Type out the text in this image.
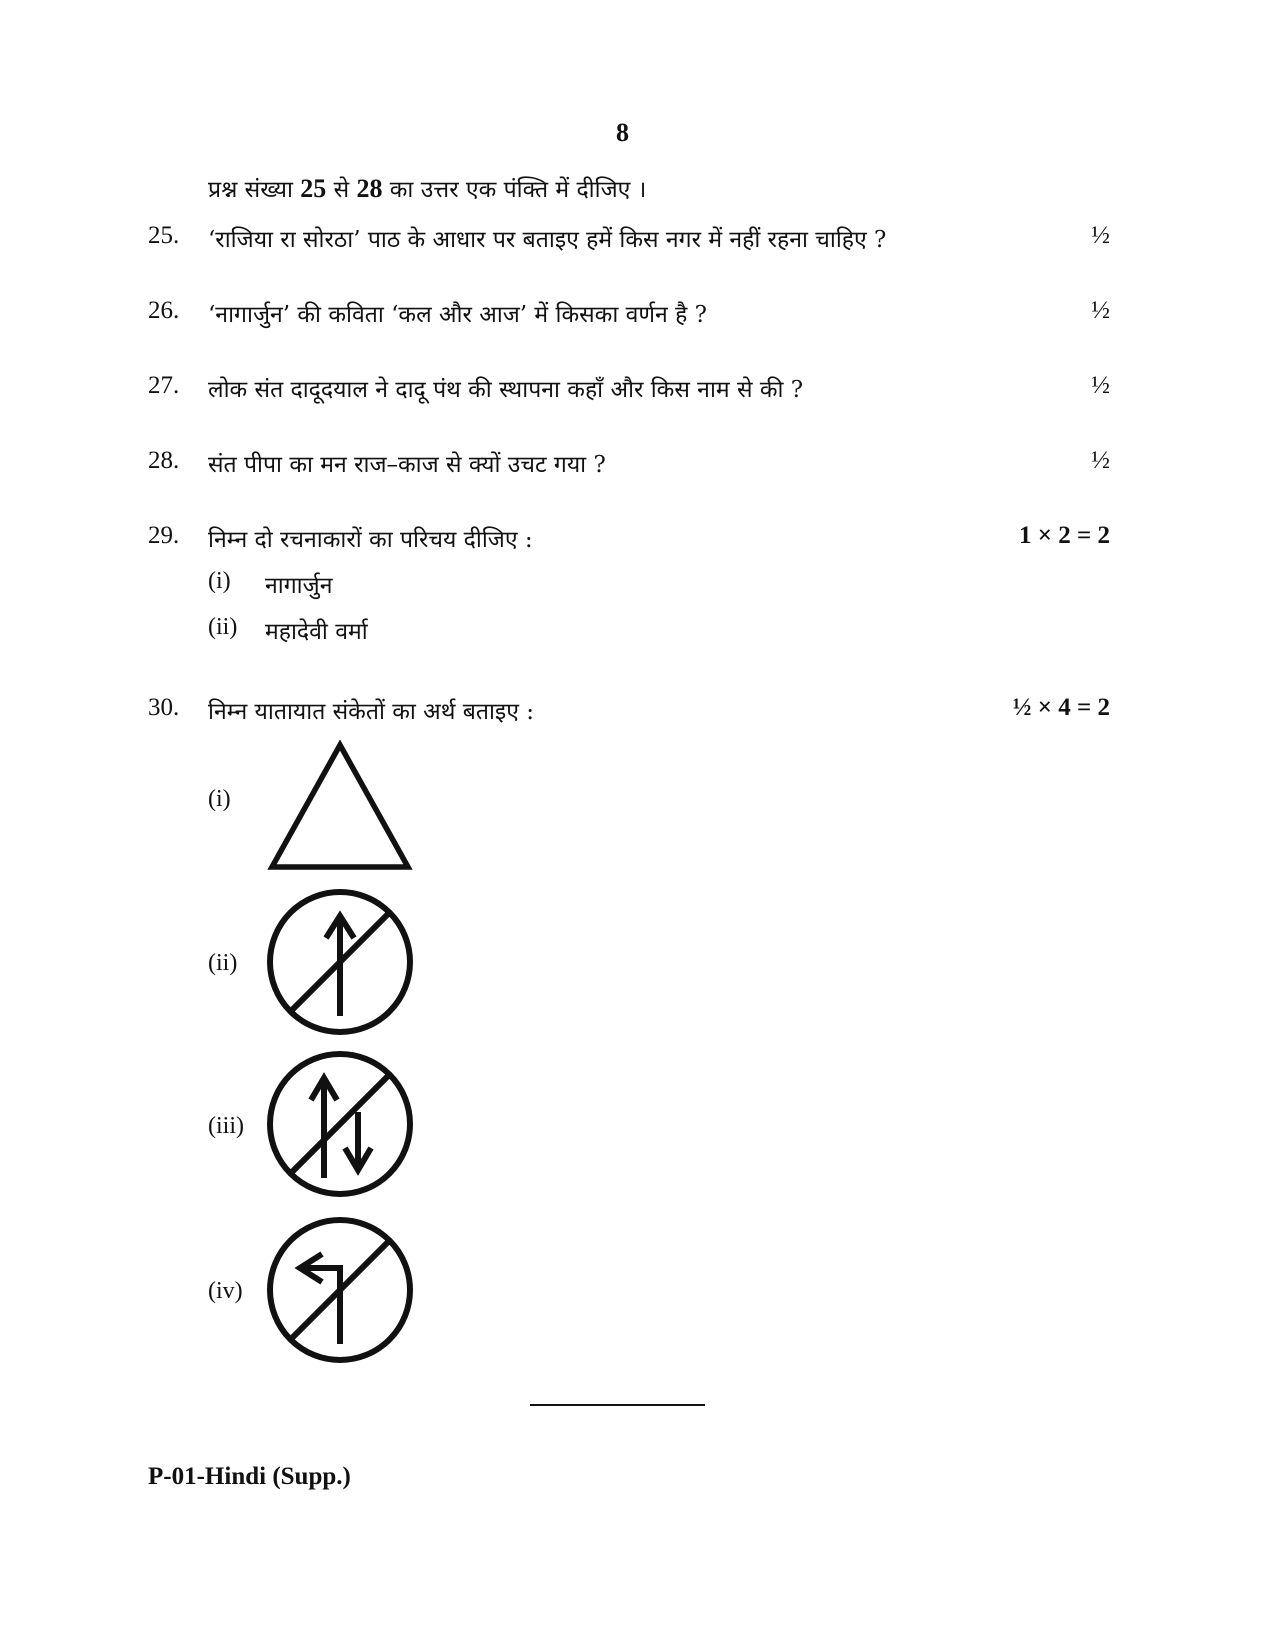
8
प्रश्न संख्या 25 से 28 का उत्तर एक पंक्ति में दीजिए ।
25. ‘राजिया रा सोरठा’ पाठ के आधार पर बताइए हमें किस नगर में नहीं रहना चाहिए ?	½
26. ‘नागार्जुन’ की कविता ‘कल और आज’ में किसका वर्णन है ?	½
27. लोक संत दादूदयाल ने दादू पंथ की स्थापना कहाँ और किस नाम से की ?	½
28. संत पीपा का मन राज–काज से क्यों उचट गया ?	½
29. निम्न दो रचनाकारों का परिचय दीजिए :	1 × 2 = 2
(i) नागार्जुन
(ii) महादेवी वर्मा
30. निम्न यातायात संकेतों का अर्थ बताइए :	½ × 4 = 2
(i)
(ii)
(iii)
(iv)
P-01-Hindi (Supp.)
